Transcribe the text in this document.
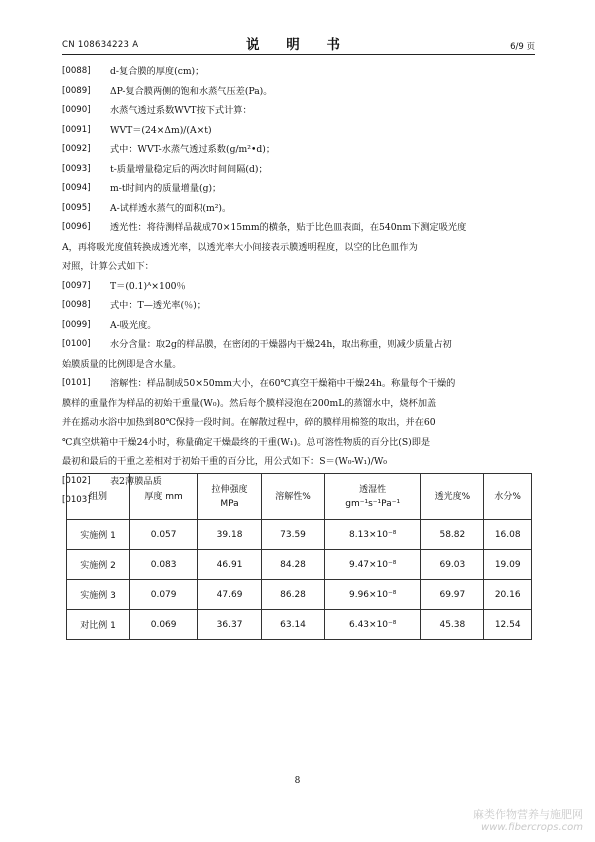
CN 108634223 A	说 明 书	6/9 页
[0088]	d-复合膜的厚度(cm)；
[0089]	ΔP-复合膜两侧的饱和水蒸气压差(Pa)。
[0090]	水蒸气透过系数WVT按下式计算：
[0091]	WVT＝(24×Δm)/(A×t)
[0092]	式中：WVT-水蒸气透过系数(g/m²•d)；
[0093]	t-质量增量稳定后的两次时间间隔(d)；
[0094]	m-t时间内的质量增量(g)；
[0095]	A-试样透水蒸气的面积(m²)。
[0096]	透光性：将待测样品裁成70×15mm的横条，贴于比色皿表面，在540nm下测定吸光度
A，再将吸光度值转换成透光率，以透光率大小间接表示膜透明程度，以空的比色皿作为
对照，计算公式如下：
[0097]	T＝(0.1)ᴬ×100％
[0098]	式中：T—透光率(％)；
[0099]	A-吸光度。
[0100]	水分含量：取2g的样品膜，在密闭的干燥器内干燥24h，取出称重，则减少质量占初
始膜质量的比例即是含水量。
[0101]	溶解性：样品制成50×50mm大小，在60℃真空干燥箱中干燥24h。称量每个干燥的
膜样的重量作为样品的初始干重量(W₀)。然后每个膜样浸泡在200mL的蒸馏水中，烧杯加盖
并在摇动水浴中加热到80℃保持一段时间。在解散过程中，碎的膜样用棉签的取出，并在60
℃真空烘箱中干燥24小时，称量确定干燥最终的干重(W₁)。总可溶性物质的百分比(S)即是
最初和最后的干重之差相对于初始干重的百分比，用公式如下：S＝(W₀-W₁)/W₀
[0102]	表2薄膜品质
[0103]
组别	厚度 mm	拉伸强度
MPa	溶解性%	透湿性
gm⁻¹s⁻¹Pa⁻¹	透光度%	水分%
实施例 1	0.057	39.18	73.59	8.13×10⁻⁸	58.82	16.08
实施例 2	0.083	46.91	84.28	9.47×10⁻⁸	69.03	19.09
实施例 3	0.079	47.69	86.28	9.96×10⁻⁸	69.97	20.16
对比例 1	0.069	36.37	63.14	6.43×10⁻⁸	45.38	12.54
8
麻类作物营养与施肥网
www.fibercrops.com
